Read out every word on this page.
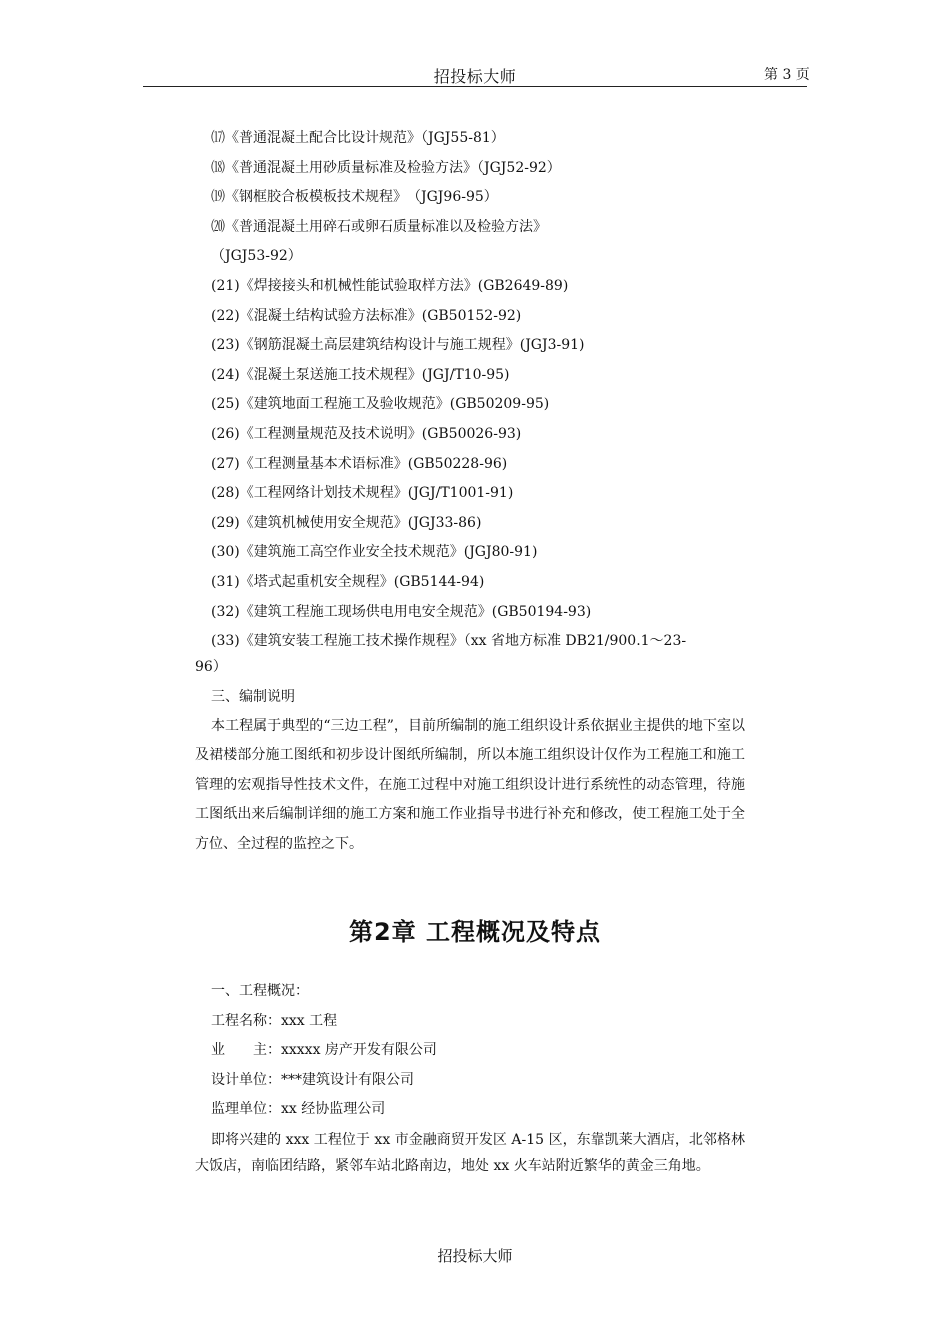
招投标大师	第 3 页
⒄《普通混凝土配合比设计规范》（JGJ55-81）
⒅《普通混凝土用砂质量标准及检验方法》（JGJ52-92）
⒆《钢框胶合板模板技术规程》　（JGJ96-95）
⒇《普通混凝土用碎石或卵石质量标准以及检验方法》
（JGJ53-92）
(21)《焊接接头和机械性能试验取样方法》(GB2649-89)
(22)《混凝土结构试验方法标准》(GB50152-92)
(23)《钢筋混凝土高层建筑结构设计与施工规程》(JGJ3-91)
(24)《混凝土泵送施工技术规程》(JGJ/T10-95)
(25)《建筑地面工程施工及验收规范》(GB50209-95)
(26)《工程测量规范及技术说明》(GB50026-93)
(27)《工程测量基本术语标准》(GB50228-96)
(28)《工程网络计划技术规程》(JGJ/T1001-91)
(29)《建筑机械使用安全规范》(JGJ33-86)
(30)《建筑施工高空作业安全技术规范》(JGJ80-91)
(31)《塔式起重机安全规程》(GB5144-94)
(32)《建筑工程施工现场供电用电安全规范》(GB50194-93)
(33)《建筑安装工程施工技术操作规程》（xx 省地方标准 DB21/900.1～23-
96）
三、编制说明

本工程属于典型的“三边工程”，目前所编制的施工组织设计系依据业主提供的地下室以及裙楼部分施工图纸和初步设计图纸所编制，所以本施工组织设计仅作为工程施工和施工管理的宏观指导性技术文件，在施工过程中对施工组织设计进行系统性的动态管理，待施工图纸出来后编制详细的施工方案和施工作业指导书进行补充和修改，使工程施工处于全方位、全过程的监控之下。

第2章 工程概况及特点
一、工程概况：
工程名称：xxx 工程
业　　主：xxxxx 房产开发有限公司
设计单位：***建筑设计有限公司
监理单位：xx 经协监理公司

即将兴建的 xxx 工程位于 xx 市金融商贸开发区 A-15 区，东靠凯莱大酒店，北邻格林大饭店，南临团结路，紧邻车站北路南边，地处 xx 火车站附近繁华的黄金三角地。

招投标大师
